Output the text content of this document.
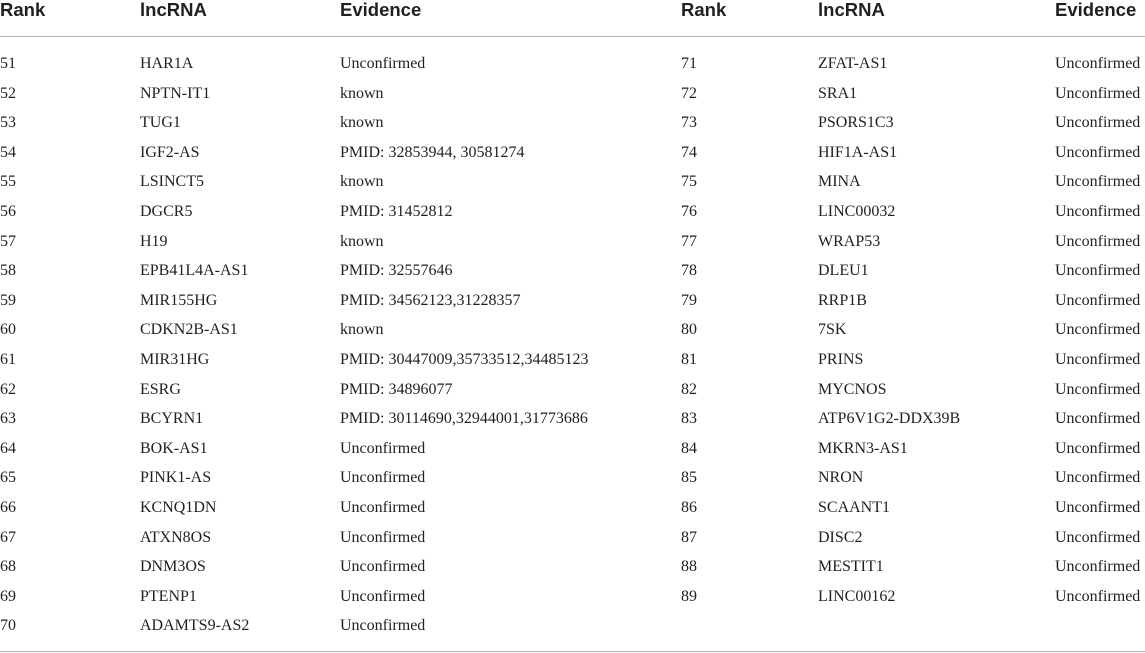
Rank	lncRNA	Evidence	Rank	lncRNA	Evidence
51	HAR1A	Unconfirmed	71	ZFAT-AS1	Unconfirmed
52	NPTN-IT1	known	72	SRA1	Unconfirmed
53	TUG1	known	73	PSORS1C3	Unconfirmed
54	IGF2-AS	PMID: 32853944, 30581274	74	HIF1A-AS1	Unconfirmed
55	LSINCT5	known	75	MINA	Unconfirmed
56	DGCR5	PMID: 31452812	76	LINC00032	Unconfirmed
57	H19	known	77	WRAP53	Unconfirmed
58	EPB41L4A-AS1	PMID: 32557646	78	DLEU1	Unconfirmed
59	MIR155HG	PMID: 34562123,31228357	79	RRP1B	Unconfirmed
60	CDKN2B-AS1	known	80	7SK	Unconfirmed
61	MIR31HG	PMID: 30447009,35733512,34485123	81	PRINS	Unconfirmed
62	ESRG	PMID: 34896077	82	MYCNOS	Unconfirmed
63	BCYRN1	PMID: 30114690,32944001,31773686	83	ATP6V1G2-DDX39B	Unconfirmed
64	BOK-AS1	Unconfirmed	84	MKRN3-AS1	Unconfirmed
65	PINK1-AS	Unconfirmed	85	NRON	Unconfirmed
66	KCNQ1DN	Unconfirmed	86	SCAANT1	Unconfirmed
67	ATXN8OS	Unconfirmed	87	DISC2	Unconfirmed
68	DNM3OS	Unconfirmed	88	MESTIT1	Unconfirmed
69	PTENP1	Unconfirmed	89	LINC00162	Unconfirmed
70	ADAMTS9-AS2	Unconfirmed
